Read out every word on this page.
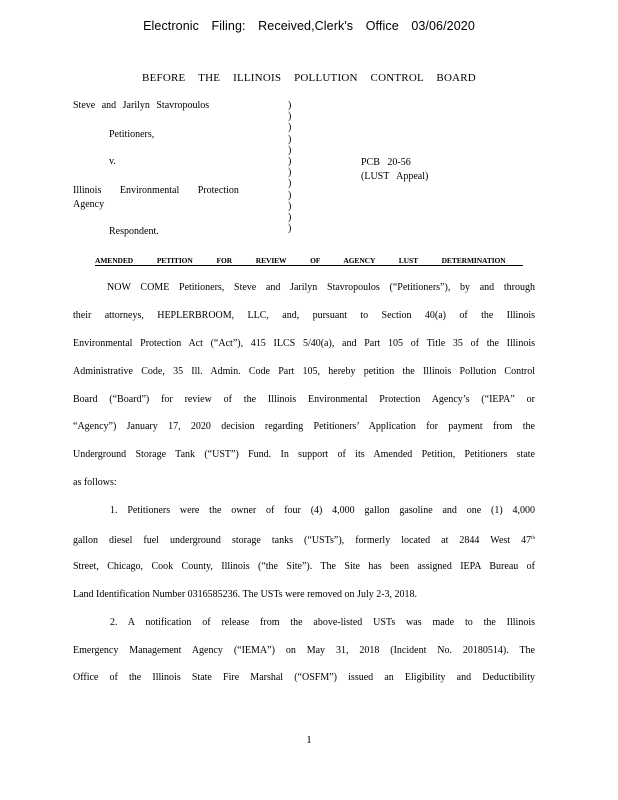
Electronic Filing: Received,Clerk's Office 03/06/2020
BEFORE THE ILLINOIS POLLUTION CONTROL BOARD
Steve and Jarilyn Stavropoulos
Petitioners,
v.
Illinois Environmental Protection
Agency
Respondent.
)
)
)
)
)
)
)
)
)
)
)
)
PCB 20-56
(LUST Appeal)
AMENDED PETITION FOR REVIEW OF AGENCY LUST DETERMINATION
NOW COME Petitioners, Steve and Jarilyn Stavropoulos (“Petitioners”), by and through
their attorneys, HEPLERBROOM, LLC, and, pursuant to Section 40(a) of the Illinois
Environmental Protection Act (“Act”), 415 ILCS 5/40(a), and Part 105 of Title 35 of the Illinois
Administrative Code, 35 Ill. Admin. Code Part 105, hereby petition the Illinois Pollution Control
Board (“Board”) for review of the Illinois Environmental Protection Agency’s (“IEPA” or
“Agency”) January 17, 2020 decision regarding Petitioners’ Application for payment from the
Underground Storage Tank (“UST”) Fund. In support of its Amended Petition, Petitioners state
as follows:
1. Petitioners were the owner of four (4) 4,000 gallon gasoline and one (1) 4,000
gallon diesel fuel underground storage tanks (“USTs”), formerly located at 2844 West 47th
Street, Chicago, Cook County, Illinois (“the Site”). The Site has been assigned IEPA Bureau of
Land Identification Number 0316585236. The USTs were removed on July 2-3, 2018.
2. A notification of release from the above-listed USTs was made to the Illinois
Emergency Management Agency (“IEMA”) on May 31, 2018 (Incident No. 20180514). The
Office of the Illinois State Fire Marshal (“OSFM”) issued an Eligibility and Deductibility
1
